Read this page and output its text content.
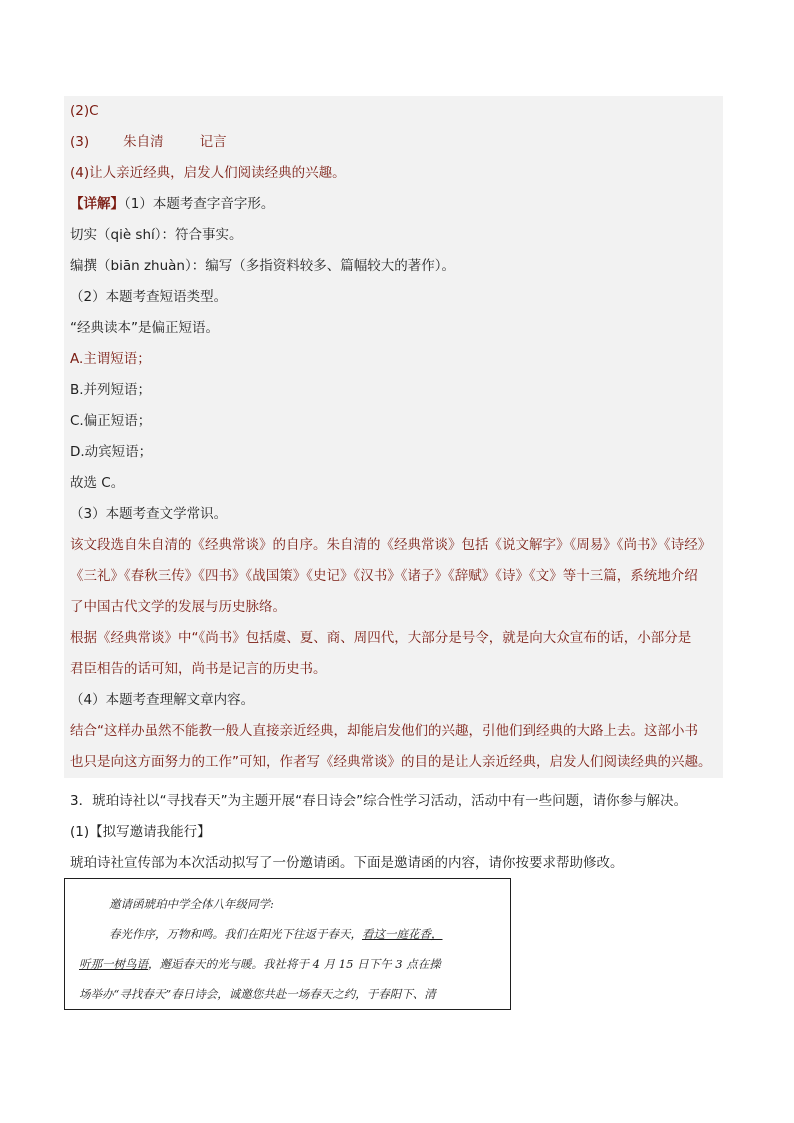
(2)C
(3)	朱自清	记言
(4)让人亲近经典，启发人们阅读经典的兴趣。
【详解】（1）本题考查字音字形。
切实（qiè shí）：符合事实。
编撰（biān zhuàn）：编写（多指资料较多、篇幅较大的著作）。
（2）本题考查短语类型。
“经典读本”是偏正短语。
A.主谓短语；
B.并列短语；
C.偏正短语；
D.动宾短语；
故选 C。
（3）本题考查文学常识。
该文段选自朱自清的《经典常谈》的自序。朱自清的《经典常谈》包括《说文解字》《周易》《尚书》《诗经》
《三礼》《春秋三传》《四书》《战国策》《史记》《汉书》《诸子》《辞赋》《诗》《文》等十三篇，系统地介绍
了中国古代文学的发展与历史脉络。
根据《经典常谈》中“《尚书》包括虞、夏、商、周四代，大部分是号令，就是向大众宣布的话，小部分是
君臣相告的话可知，尚书是记言的历史书。
（4）本题考查理解文章内容。
结合“这样办虽然不能教一般人直接亲近经典，却能启发他们的兴趣，引他们到经典的大路上去。这部小书
也只是向这方面努力的工作”可知，作者写《经典常谈》的目的是让人亲近经典，启发人们阅读经典的兴趣。
3．琥珀诗社以“寻找春天”为主题开展“春日诗会”综合性学习活动，活动中有一些问题，请你参与解决。
(1)【拟写邀请我能行】
琥珀诗社宣传部为本次活动拟写了一份邀请函。下面是邀请函的内容，请你按要求帮助修改。
邀请函琥珀中学全体八年级同学:
春光作序，万物和鸣。我们在阳光下往返于春天，看这一庭花香，
听那一树鸟语，邂逅春天的光与暖。我社将于 4 月 15 日下午 3 点在操
场举办“寻找春天”春日诗会，诚邀您共赴一场春天之约，于春阳下、清
